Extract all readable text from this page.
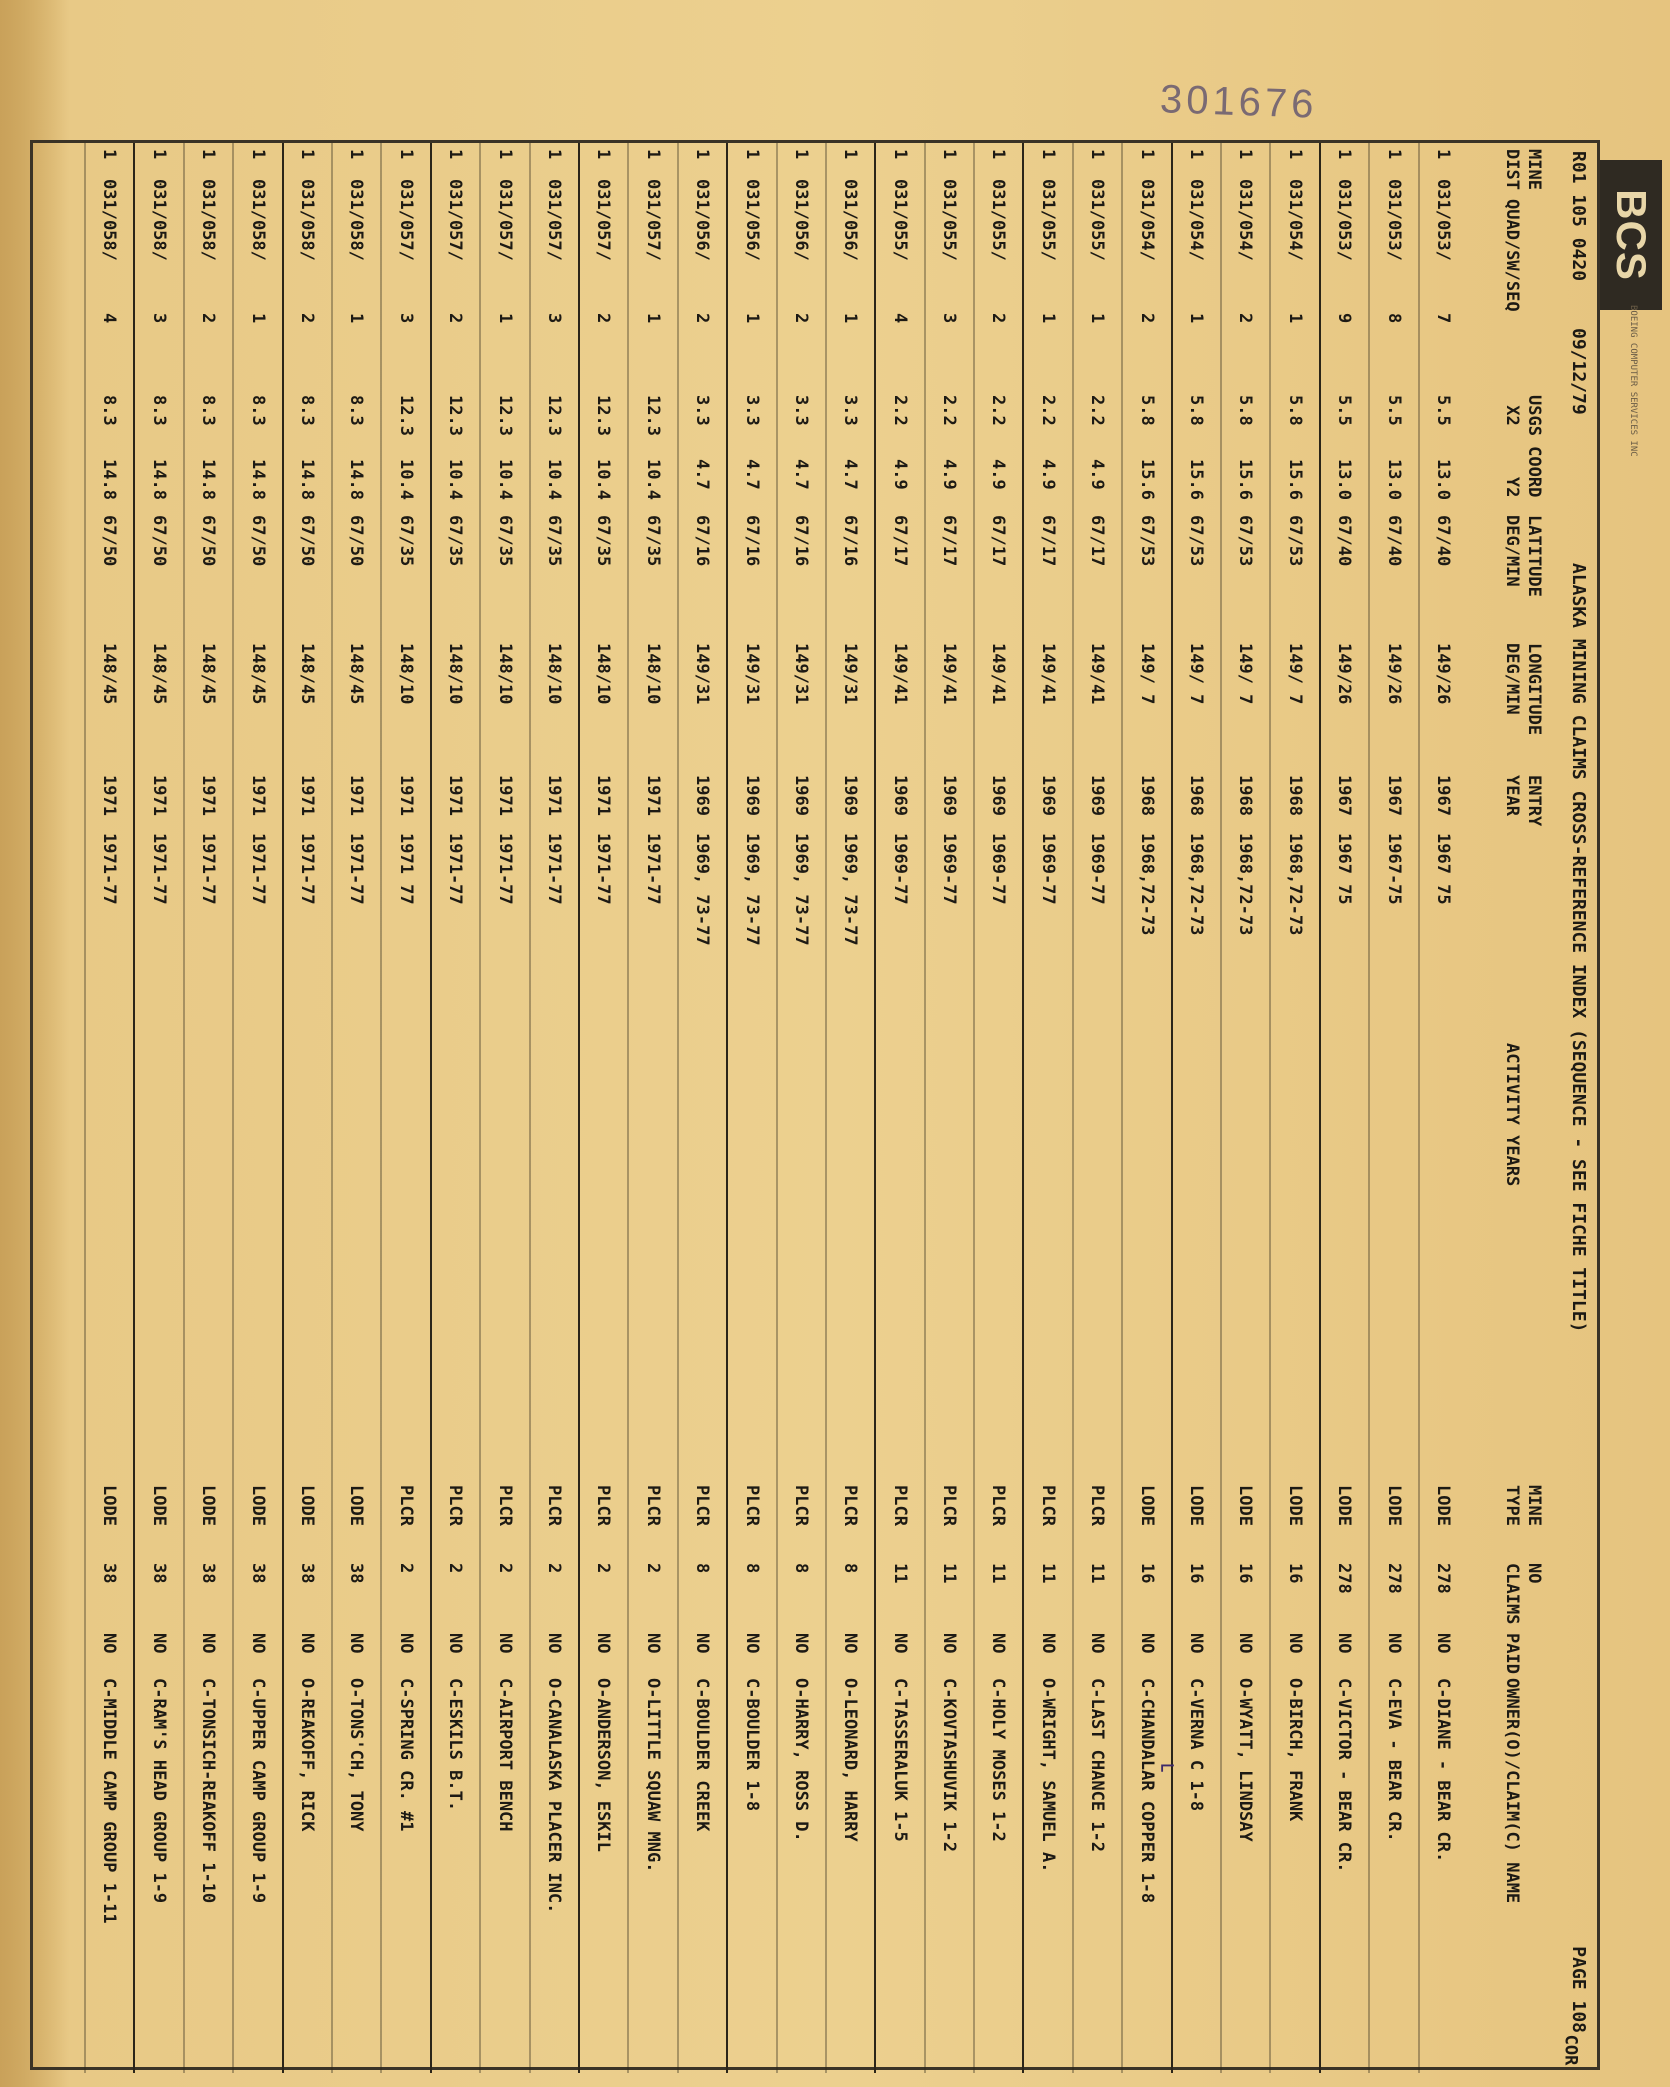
301676
COR
BCS
BOEING COMPUTER SERVICES INC
R01 105 0420
09/12/79
ALASKA MINING CLAIMS CROSS-REFERENCE INDEX (SEQUENCE - SEE FICHE TITLE)
PAGE 108
MINE
DIST

QUAD/SW/SEQ
USGS COORD
X2     Y2
LATITUDE
DEG/MIN
LONGITUDE
DEG/MIN
ENTRY
YEAR

ACTIVITY YEARS
MINE
TYPE
NO
CLAIMS

PAID

OWNER(O)/CLAIM(C) NAME
1
031/053/
7
5.5
13.0
67/40
149/26
1967
1967 75
LODE
278
NO
C-DIANE - BEAR CR.
1
031/053/
8
5.5
13.0
67/40
149/26
1967
1967-75
LODE
278
NO
C-EVA - BEAR CR.
1
031/053/
9
5.5
13.0
67/40
149/26
1967
1967 75
LODE
278
NO
C-VICTOR - BEAR CR.
1
031/054/
1
5.8
15.6
67/53
149/ 7
1968
1968,72-73
LODE
16
NO
O-BIRCH, FRANK
1
031/054/
2
5.8
15.6
67/53
149/ 7
1968
1968,72-73
LODE
16
NO
O-WYATT, LINDSAY
1
031/054/
1
5.8
15.6
67/53
149/ 7
1968
1968,72-73
LODE
16
NO
C-VERNA C 1-8
1
031/054/
2
5.8
15.6
67/53
149/ 7
1968
1968,72-73
LODE
16
NO
C-CHANDALAR COPPER 1-8
1
031/055/
1
2.2
4.9
67/17
149/41
1969
1969-77
PLCR
11
NO
C-LAST CHANCE 1-2
1
031/055/
1
2.2
4.9
67/17
149/41
1969
1969-77
PLCR
11
NO
O-WRIGHT, SAMUEL A.
1
031/055/
2
2.2
4.9
67/17
149/41
1969
1969-77
PLCR
11
NO
C-HOLY MOSES 1-2
1
031/055/
3
2.2
4.9
67/17
149/41
1969
1969-77
PLCR
11
NO
C-KOVTASHUVIK 1-2
1
031/055/
4
2.2
4.9
67/17
149/41
1969
1969-77
PLCR
11
NO
C-TASSERALUK 1-5
1
031/056/
1
3.3
4.7
67/16
149/31
1969
1969, 73-77
PLCR
8
NO
O-LEONARD, HARRY
1
031/056/
2
3.3
4.7
67/16
149/31
1969
1969, 73-77
PLCR
8
NO
O-HARRY, ROSS D.
1
031/056/
1
3.3
4.7
67/16
149/31
1969
1969, 73-77
PLCR
8
NO
C-BOULDER 1-8
1
031/056/
2
3.3
4.7
67/16
149/31
1969
1969, 73-77
PLCR
8
NO
C-BOULDER CREEK
1
031/057/
1
12.3
10.4
67/35
148/10
1971
1971-77
PLCR
2
NO
O-LITTLE SQUAW MNG.
1
031/057/
2
12.3
10.4
67/35
148/10
1971
1971-77
PLCR
2
NO
O-ANDERSON, ESKIL
1
031/057/
3
12.3
10.4
67/35
148/10
1971
1971-77
PLCR
2
NO
O-CANALASKA PLACER INC.
1
031/057/
1
12.3
10.4
67/35
148/10
1971
1971-77
PLCR
2
NO
C-AIRPORT BENCH
1
031/057/
2
12.3
10.4
67/35
148/10
1971
1971-77
PLCR
2
NO
C-ESKILS B.T.
1
031/057/
3
12.3
10.4
67/35
148/10
1971
1971 77
PLCR
2
NO
C-SPRING CR. #1
1
031/058/
1
8.3
14.8
67/50
148/45
1971
1971-77
LODE
38
NO
O-TONS'CH, TONY
1
031/058/
2
8.3
14.8
67/50
148/45
1971
1971-77
LODE
38
NO
O-REAKOFF, RICK
1
031/058/
1
8.3
14.8
67/50
148/45
1971
1971-77
LODE
38
NO
C-UPPER CAMP GROUP 1-9
1
031/058/
2
8.3
14.8
67/50
148/45
1971
1971-77
LODE
38
NO
C-TONSICH-REAKOFF 1-10
1
031/058/
3
8.3
14.8
67/50
148/45
1971
1971-77
LODE
38
NO
C-RAM'S HEAD GROUP 1-9
1
031/058/
4
8.3
14.8
67/50
148/45
1971
1971-77
LODE
38
NO
C-MIDDLE CAMP GROUP 1-11	⌐
